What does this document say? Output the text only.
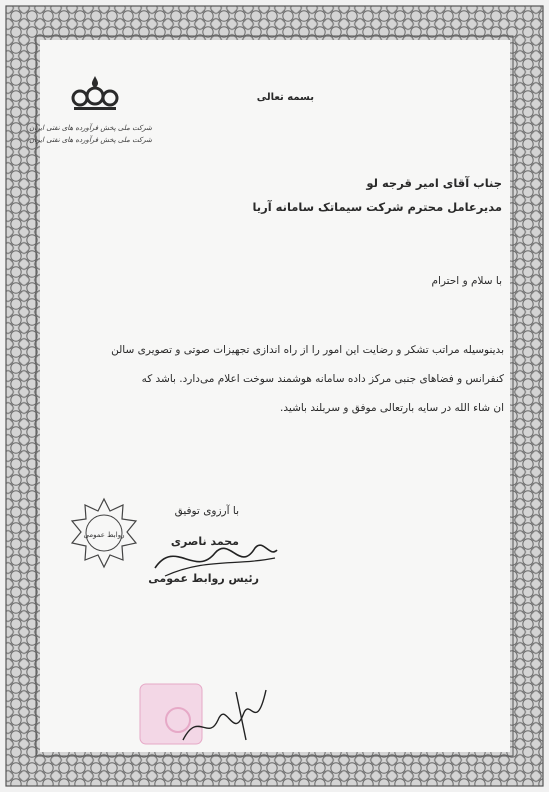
شرکت ملی پخش فرآورده های نفتی ایران
شرکت ملی پخش فرآورده های نفتی ایران
بسمه تعالی
جناب آقای امیر قرجه لو
مدیرعامل محترم شرکت سیماتک سامانه آریا
با سلام و احترام
بدینوسیله مراتب تشکر و رضایت این امور را از راه اندازی تجهیزات صوتی و تصویری سالن
کنفرانس و فضاهای جنبی مرکز داده سامانه هوشمند سوخت اعلام می‌دارد. باشد که
ان شاء الله در سایه بارتعالی موفق و سربلند باشید.
با آرزوی توفیق
محمد ناصری
رئیس روابط عمومی
روابط عمومی
